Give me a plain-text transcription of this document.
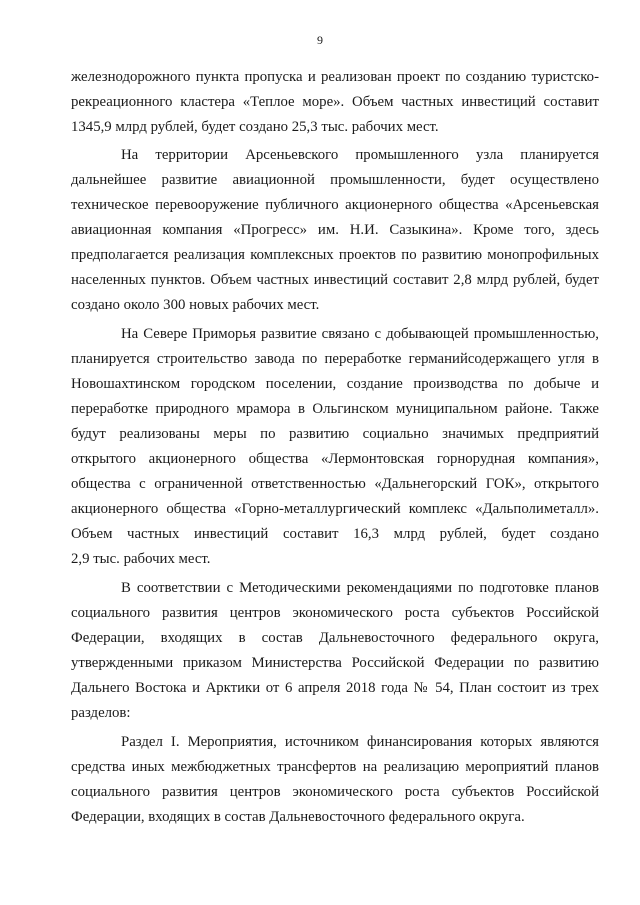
9
железнодорожного пункта пропуска и реализован проект по созданию туристско-
рекреационного кластера «Теплое море». Объем частных инвестиций составит
1345,9 млрд рублей, будет создано 25,3 тыс. рабочих мест.
На территории Арсеньевского промышленного узла планируется
дальнейшее развитие авиационной промышленности, будет осуществлено
техническое перевооружение публичного акционерного общества «Арсеньевская
авиационная компания «Прогресс» им. Н.И. Сазыкина». Кроме того, здесь
предполагается реализация комплексных проектов по развитию монопрофильных
населенных пунктов. Объем частных инвестиций составит 2,8 млрд рублей, будет
создано около 300 новых рабочих мест.
На Севере Приморья развитие связано с добывающей промышленностью,
планируется строительство завода по переработке германийсодержащего угля в
Новошахтинском городском поселении, создание производства по добыче и
переработке природного мрамора в Ольгинском муниципальном районе. Также
будут реализованы меры по развитию социально значимых предприятий
открытого акционерного общества «Лермонтовская горнорудная компания»,
общества с ограниченной ответственностью «Дальнегорский ГОК», открытого
акционерного общества «Горно-металлургический комплекс «Дальполиметалл».
Объем частных инвестиций составит 16,3 млрд рублей, будет создано
2,9 тыс. рабочих мест.
В соответствии с Методическими рекомендациями по подготовке планов
социального развития центров экономического роста субъектов Российской
Федерации, входящих в состав Дальневосточного федерального округа,
утвержденными приказом Министерства Российской Федерации по развитию
Дальнего Востока и Арктики от 6 апреля 2018 года № 54, План состоит из трех
разделов:
Раздел I. Мероприятия, источником финансирования которых являются
средства иных межбюджетных трансфертов на реализацию мероприятий планов
социального развития центров экономического роста субъектов Российской
Федерации, входящих в состав Дальневосточного федерального округа.
